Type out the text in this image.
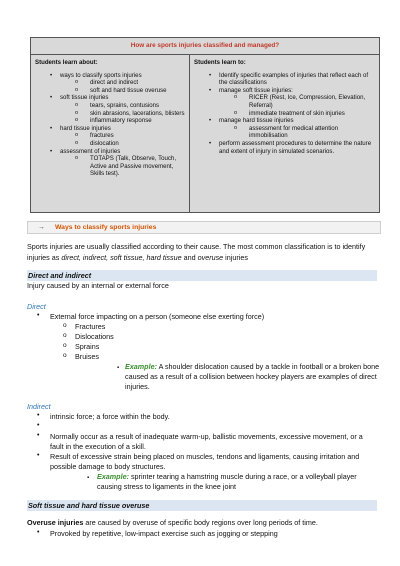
How are sports injuries classified and managed?
Students learn about:
• ways to classify sports injuries
o direct and indirect
o soft and hard tissue overuse
• soft tissue injuries
o tears, sprains, contusions
o skin abrasions, lacerations, blisters
o inflammatory response
• hard tissue injuries
o fractures
o dislocation
• assessment of injuries
o TOTAPS (Talk, Observe, Touch, Active and Passive movement, Skills test).
Students learn to:
• Identify specific examples of injuries that reflect each of the classifications
• manage soft tissue injuries:
o RICER (Rest, Ice, Compression, Elevation, Referral)
o immediate treatment of skin injuries
• manage hard tissue injuries
o assessment for medical attention immobilisation
• perform assessment procedures to determine the nature and extent of injury in simulated scenarios.
→ Ways to classify sports injuries
Sports injuries are usually classified according to their cause. The most common classification is to identify injuries as direct, indirect, soft tissue, hard tissue and overuse injuries
Direct and indirect
Injury caused by an internal or external force
Direct
• External force impacting on a person (someone else exerting force)
o Fractures
o Dislocations
o Sprains
o Bruises
▪ Example: A shoulder dislocation caused by a tackle in football or a broken bone
caused as a result of a collision between hockey players are examples of direct
injuries.
Indirect
• intrinsic force; a force within the body.
•
• Normally occur as a result of inadequate warm-up, ballistic movements, excessive movement, or a
fault in the execution of a skill.
• Result of excessive strain being placed on muscles, tendons and ligaments, causing irritation and
possible damage to body structures.
▪ Example: sprinter tearing a hamstring muscle during a race, or a volleyball player
causing stress to ligaments in the knee joint
Soft tissue and hard tissue overuse
Overuse injuries are caused by overuse of specific body regions over long periods of time.
• Provoked by repetitive, low-impact exercise such as jogging or stepping
